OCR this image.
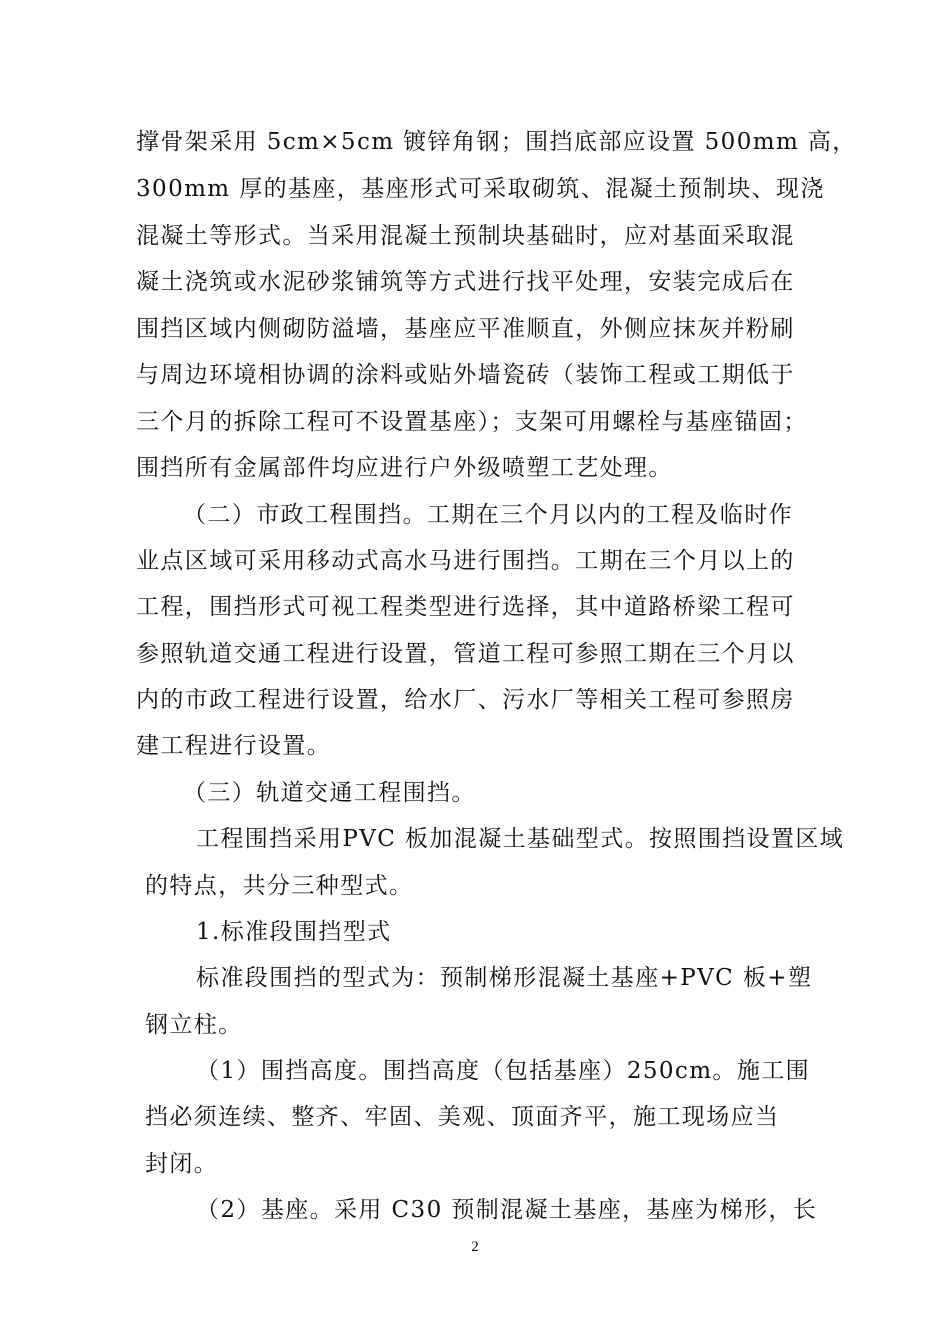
撑骨架采用 5cm×5cm 镀锌角钢；围挡底部应设置 500mm 高，
300mm 厚的基座，基座形式可采取砌筑、混凝土预制块、现浇
混凝土等形式。当采用混凝土预制块基础时，应对基面采取混
凝土浇筑或水泥砂浆铺筑等方式进行找平处理，安装完成后在
围挡区域内侧砌防溢墙，基座应平准顺直，外侧应抹灰并粉刷
与周边环境相协调的涂料或贴外墙瓷砖（装饰工程或工期低于
三个月的拆除工程可不设置基座）；支架可用螺栓与基座锚固；
围挡所有金属部件均应进行户外级喷塑工艺处理。
（二）市政工程围挡。工期在三个月以内的工程及临时作
业点区域可采用移动式高水马进行围挡。工期在三个月以上的
工程，围挡形式可视工程类型进行选择，其中道路桥梁工程可
参照轨道交通工程进行设置，管道工程可参照工期在三个月以
内的市政工程进行设置，给水厂、污水厂等相关工程可参照房
建工程进行设置。
（三）轨道交通工程围挡。
工程围挡采用PVC 板加混凝土基础型式。按照围挡设置区域
的特点，共分三种型式。
1.标准段围挡型式
标准段围挡的型式为：预制梯形混凝土基座+PVC 板+塑
钢立柱。
（1）围挡高度。围挡高度（包括基座）250cm。施工围
挡必须连续、整齐、牢固、美观、顶面齐平，施工现场应当
封闭。
（2）基座。采用 C30 预制混凝土基座，基座为梯形，长
2
